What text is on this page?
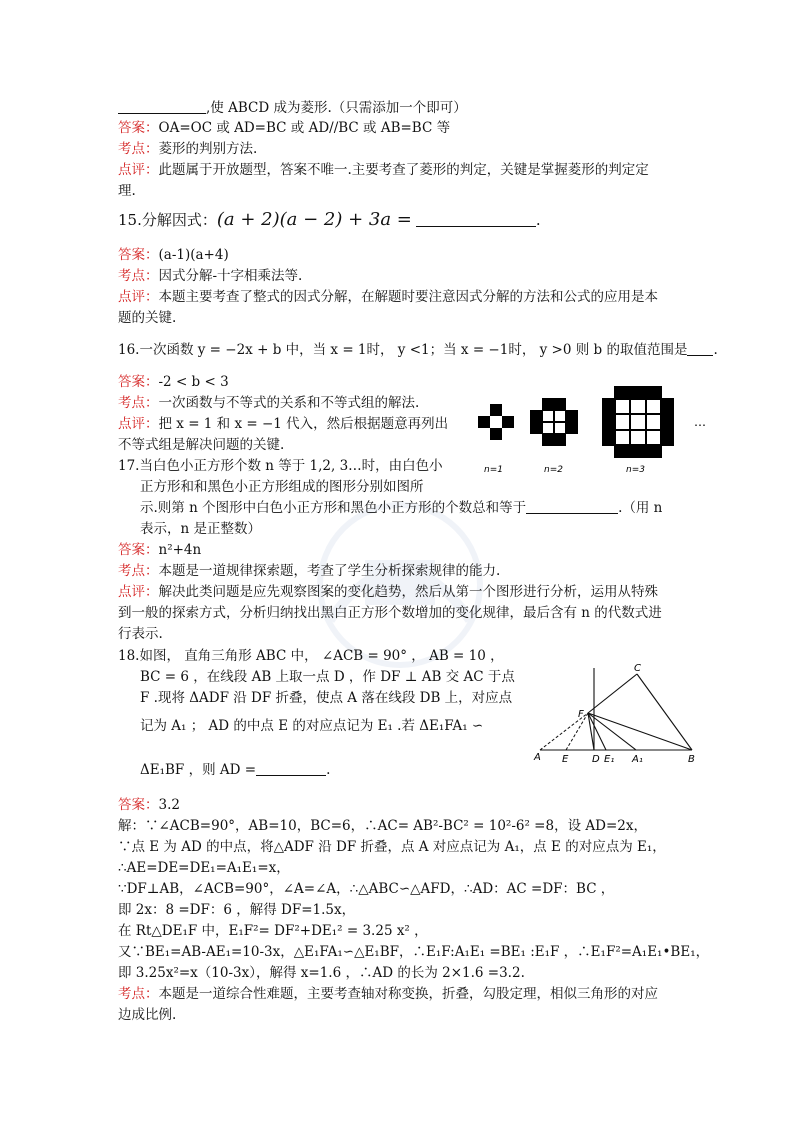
,使 ABCD 成为菱形.（只需添加一个即可）
答案：OA=OC 或 AD=BC 或 AD//BC 或 AB=BC 等
考点：菱形的判别方法.
点评：此题属于开放题型，答案不唯一.主要考查了菱形的判定，关键是掌握菱形的判定定
理.
15.分解因式：(a + 2)(a − 2) + 3a =	.
答案：(a-1)(a+4)
考点：因式分解-十字相乘法等.
点评：本题主要考查了整式的因式分解，在解题时要注意因式分解的方法和公式的应用是本
题的关键.
16.一次函数 y = −2x + b 中，当 x = 1时， y <1；当 x = −1时， y >0 则 b 的取值范围是 .
答案：-2 < b < 3
考点：一次函数与不等式的关系和不等式组的解法.
点评：把 x = 1 和 x = −1 代入，然后根据题意再列出
不等式组是解决问题的关键.
n=1	n=2	n=3
…
17.当白色小正方形个数 n 等于 1,2, 3…时，由白色小
正方形和和黑色小正方形组成的图形分别如图所
示.则第 n 个图形中白色小正方形和黑色小正方形的个数总和等于	.（用 n
表示，n 是正整数）
答案：n²+4n
考点：本题是一道规律探索题，考查了学生分析探索规律的能力.
点评：解决此类问题是应先观察图案的变化趋势，然后从第一个图形进行分析，运用从特殊
到一般的探索方式，分析归纳找出黑白正方形个数增加的变化规律，最后含有 n 的代数式进
行表示.
C
F
A E D E₁ A₁	B
18.如图， 直角三角形 ABC 中， ∠ACB = 90° ， AB = 10 ，
BC = 6 ，在线段 AB 上取一点 D ，作 DF ⊥ AB 交 AC 于点
F .现将 ΔADF 沿 DF 折叠，使点 A 落在线段 DB 上，对应点
记为 A₁ ； AD 的中点 E 的对应点记为 E₁ .若 ΔE₁FA₁ ∽
ΔE₁BF ，则 AD =	.
答案：3.2
解：∵∠ACB=90°，AB=10，BC=6，∴AC= AB²-BC² = 10²-6² =8，设 AD=2x，
∵点 E 为 AD 的中点，将△ADF 沿 DF 折叠，点 A 对应点记为 A₁，点 E 的对应点为 E₁，
∴AE=DE=DE₁=A₁E₁=x，
∵DF⊥AB，∠ACB=90°，∠A=∠A，∴△ABC∽△AFD，∴AD：AC =DF：BC ，
即 2x：8 =DF：6 ，解得 DF=1.5x，
在 Rt△DE₁F 中，E₁F²= DF²+DE₁² = 3.25 x² ，
又∵BE₁=AB-AE₁=10-3x，△E₁FA₁∽△E₁BF，∴E₁F:A₁E₁ =BE₁ :E₁F ，∴E₁F²=A₁E₁•BE₁，
即 3.25x²=x（10-3x），解得 x=1.6 ，∴AD 的长为 2×1.6 =3.2.
考点：本题是一道综合性难题，主要考查轴对称变换，折叠，勾股定理，相似三角形的对应
边成比例.
